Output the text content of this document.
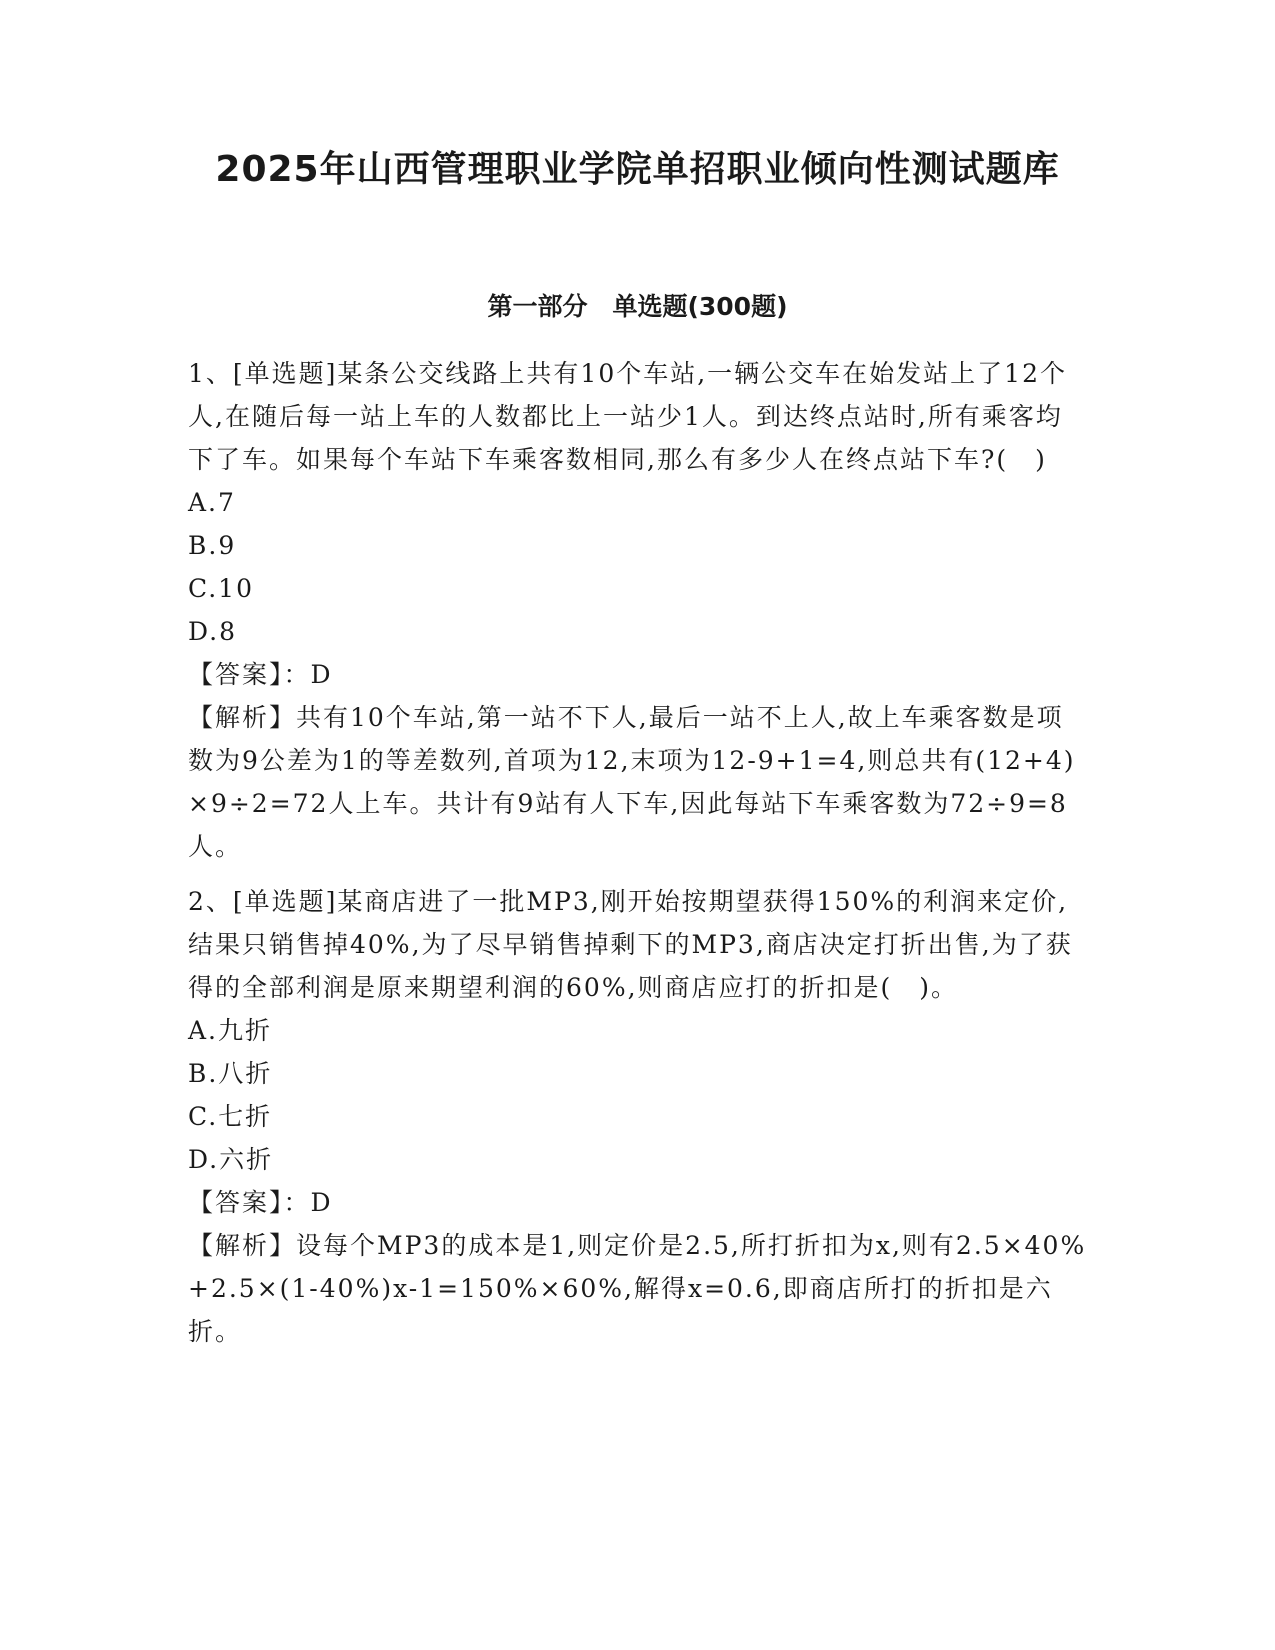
2025年山西管理职业学院单招职业倾向性测试题库
第一部分　单选题(300题)

1、[单选题]某条公交线路上共有10个车站,一辆公交车在始发站上了12个人,在随后每一站上车的人数都比上一站少1人。到达终点站时,所有乘客均下了车。如果每个车站下车乘客数相同,那么有多少人在终点站下车?(　)

A.7

B.9

C.10

D.8

【答案】：D

【解析】共有10个车站,第一站不下人,最后一站不上人,故上车乘客数是项数为9公差为1的等差数列,首项为12,末项为12-9+1=4,则总共有(12+4)×9÷2=72人上车。共计有9站有人下车,因此每站下车乘客数为72÷9=8人。

2、[单选题]某商店进了一批MP3,刚开始按期望获得150%的利润来定价,结果只销售掉40%,为了尽早销售掉剩下的MP3,商店决定打折出售,为了获得的全部利润是原来期望利润的60%,则商店应打的折扣是(　)。

A.九折

B.八折

C.七折

D.六折

【答案】：D

【解析】设每个MP3的成本是1,则定价是2.5,所打折扣为x,则有2.5×40%+2.5×(1-40%)x-1=150%×60%,解得x=0.6,即商店所打的折扣是六折。
